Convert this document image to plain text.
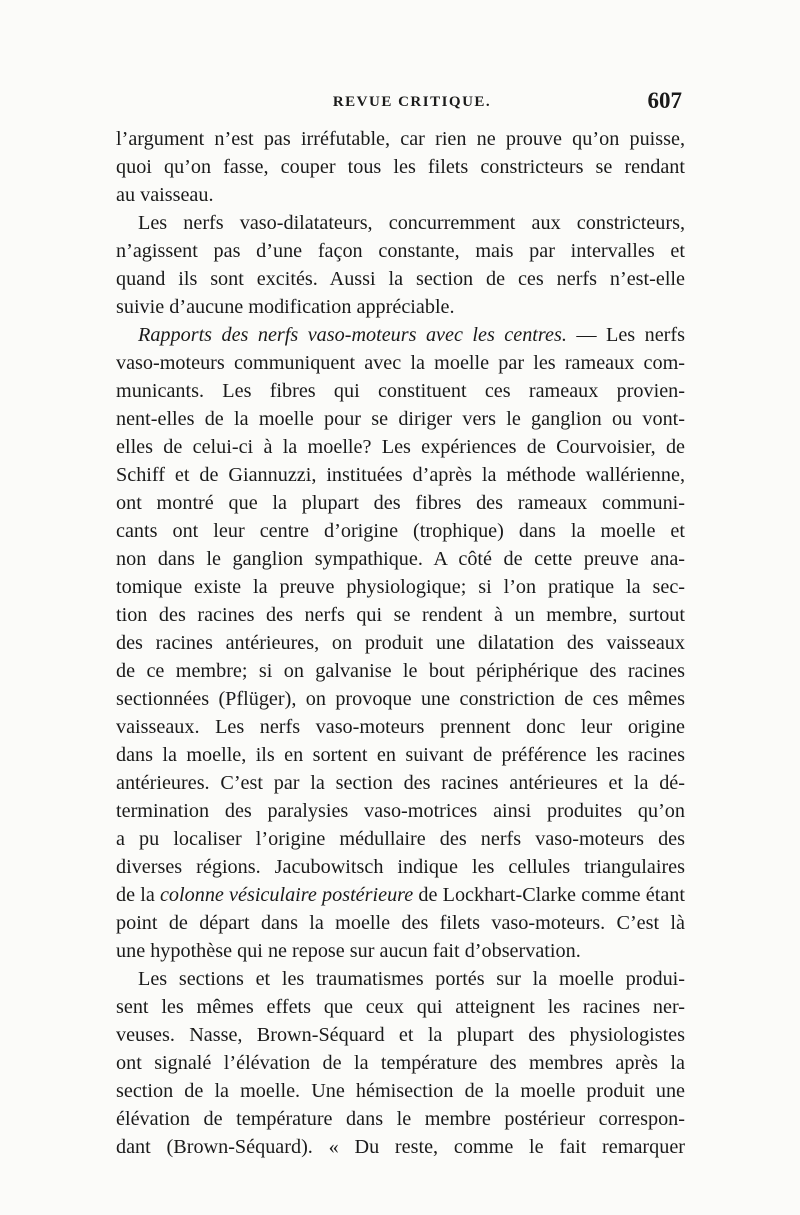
REVUE CRITIQUE.	607
l’argument n’est pas irréfutable, car rien ne prouve qu’on puisse,
quoi qu’on fasse, couper tous les filets constricteurs se rendant
au vaisseau.
Les nerfs vaso-dilatateurs, concurremment aux constricteurs,
n’agissent pas d’une façon constante, mais par intervalles et
quand ils sont excités. Aussi la section de ces nerfs n’est-elle
suivie d’aucune modification appréciable.
Rapports des nerfs vaso-moteurs avec les centres. — Les nerfs
vaso-moteurs communiquent avec la moelle par les rameaux com-
municants. Les fibres qui constituent ces rameaux provien-
nent-elles de la moelle pour se diriger vers le ganglion ou vont-
elles de celui-ci à la moelle? Les expériences de Courvoisier, de
Schiff et de Giannuzzi, instituées d’après la méthode wallérienne,
ont montré que la plupart des fibres des rameaux communi-
cants ont leur centre d’origine (trophique) dans la moelle et
non dans le ganglion sympathique. A côté de cette preuve ana-
tomique existe la preuve physiologique; si l’on pratique la sec-
tion des racines des nerfs qui se rendent à un membre, surtout
des racines antérieures, on produit une dilatation des vaisseaux
de ce membre; si on galvanise le bout périphérique des racines
sectionnées (Pflüger), on provoque une constriction de ces mêmes
vaisseaux. Les nerfs vaso-moteurs prennent donc leur origine
dans la moelle, ils en sortent en suivant de préférence les racines
antérieures. C’est par la section des racines antérieures et la dé-
termination des paralysies vaso-motrices ainsi produites qu’on
a pu localiser l’origine médullaire des nerfs vaso-moteurs des
diverses régions. Jacubowitsch indique les cellules triangulaires
de la colonne vésiculaire postérieure de Lockhart-Clarke comme étant
point de départ dans la moelle des filets vaso-moteurs. C’est là
une hypothèse qui ne repose sur aucun fait d’observation.
Les sections et les traumatismes portés sur la moelle produi-
sent les mêmes effets que ceux qui atteignent les racines ner-
veuses. Nasse, Brown-Séquard et la plupart des physiologistes
ont signalé l’élévation de la température des membres après la
section de la moelle. Une hémisection de la moelle produit une
élévation de température dans le membre postérieur correspon-
dant (Brown-Séquard). « Du reste, comme le fait remarquer
